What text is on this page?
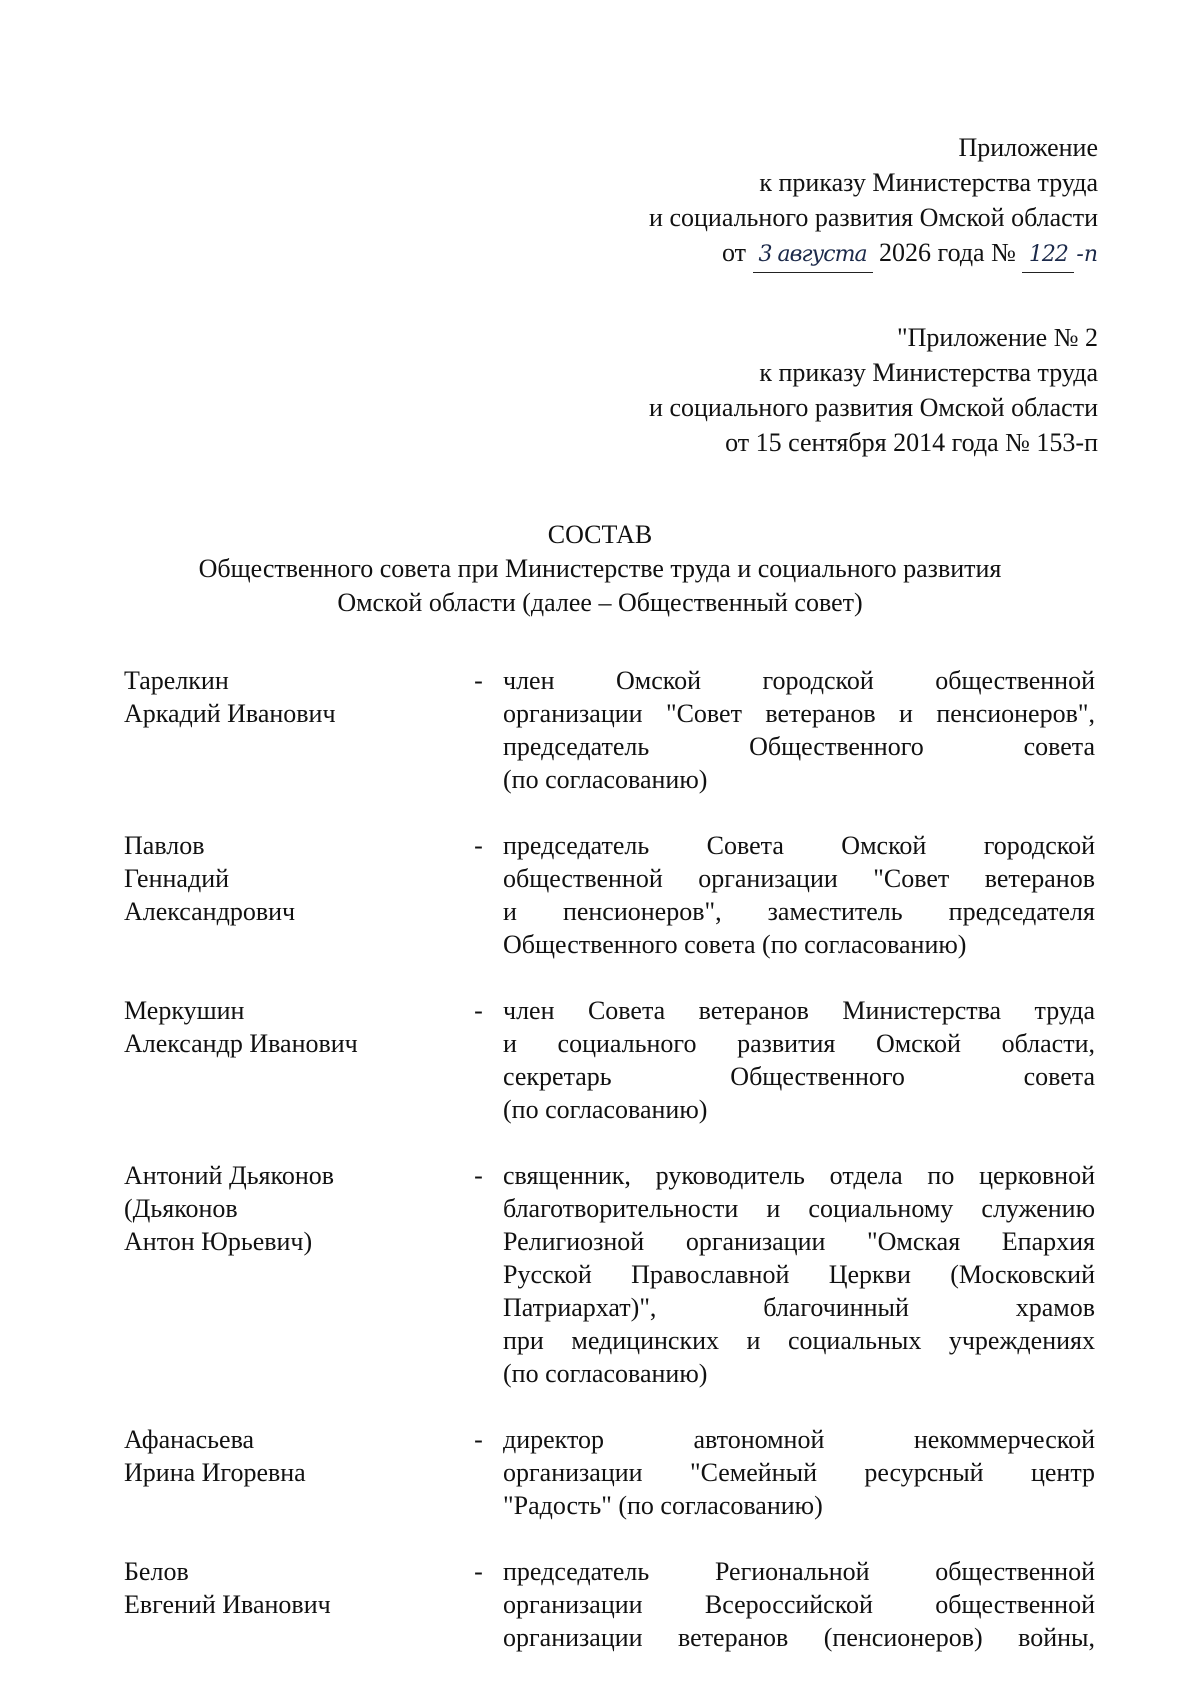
Приложение
к приказу Министерства труда
и социального развития Омской области
от 3 августа 2026 года № 122 -п
"Приложение № 2
к приказу Министерства труда
и социального развития Омской области
от 15 сентября 2014 года № 153-п
СОСТАВ
Общественного совета при Министерстве труда и социального развития
Омской области (далее – Общественный совет)
Тарелкин
Аркадий Иванович
- член Омской городской общественной
организации "Совет ветеранов и пенсионеров",
председатель Общественного совета
(по согласованию)
Павлов
Геннадий
Александрович
- председатель Совета Омской городской
общественной организации "Совет ветеранов
и пенсионеров", заместитель председателя
Общественного совета (по согласованию)
Меркушин
Александр Иванович
- член Совета ветеранов Министерства труда
и социального развития Омской области,
секретарь Общественного совета
(по согласованию)
Антоний Дьяконов
(Дьяконов
Антон Юрьевич)
- священник, руководитель отдела по церковной
благотворительности и социальному служению
Религиозной организации "Омская Епархия
Русской Православной Церкви (Московский
Патриархат)", благочинный храмов
при медицинских и социальных учреждениях
(по согласованию)
Афанасьева
Ирина Игоревна
- директор автономной некоммерческой
организации "Семейный ресурсный центр
"Радость" (по согласованию)
Белов
Евгений Иванович
- председатель Региональной общественной
организации Всероссийской общественной
организации ветеранов (пенсионеров) войны,
